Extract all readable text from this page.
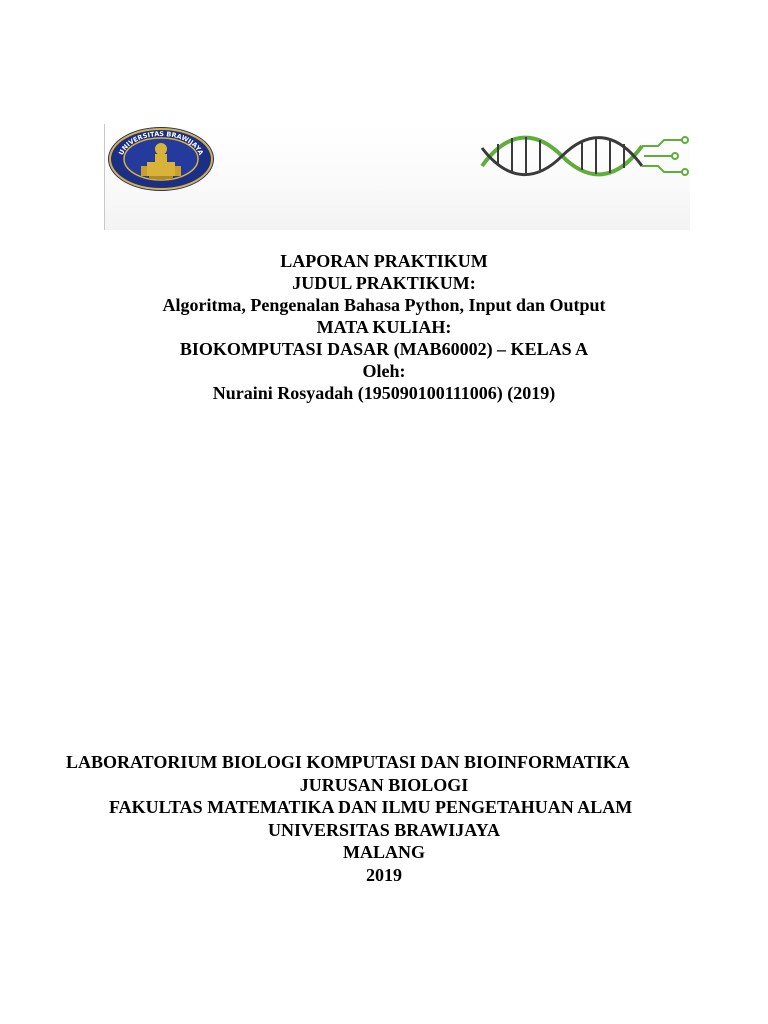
UNIVERSITAS BRAWIJAYA
LAPORAN PRAKTIKUM
JUDUL PRAKTIKUM:
Algoritma, Pengenalan Bahasa Python, Input dan Output
MATA KULIAH:
BIOKOMPUTASI DASAR (MAB60002) – KELAS A
Oleh:
Nuraini Rosyadah (195090100111006) (2019)
LABORATORIUM BIOLOGI KOMPUTASI DAN BIOINFORMATIKA
JURUSAN BIOLOGI
FAKULTAS MATEMATIKA DAN ILMU PENGETAHUAN ALAM
UNIVERSITAS BRAWIJAYA
MALANG
2019
